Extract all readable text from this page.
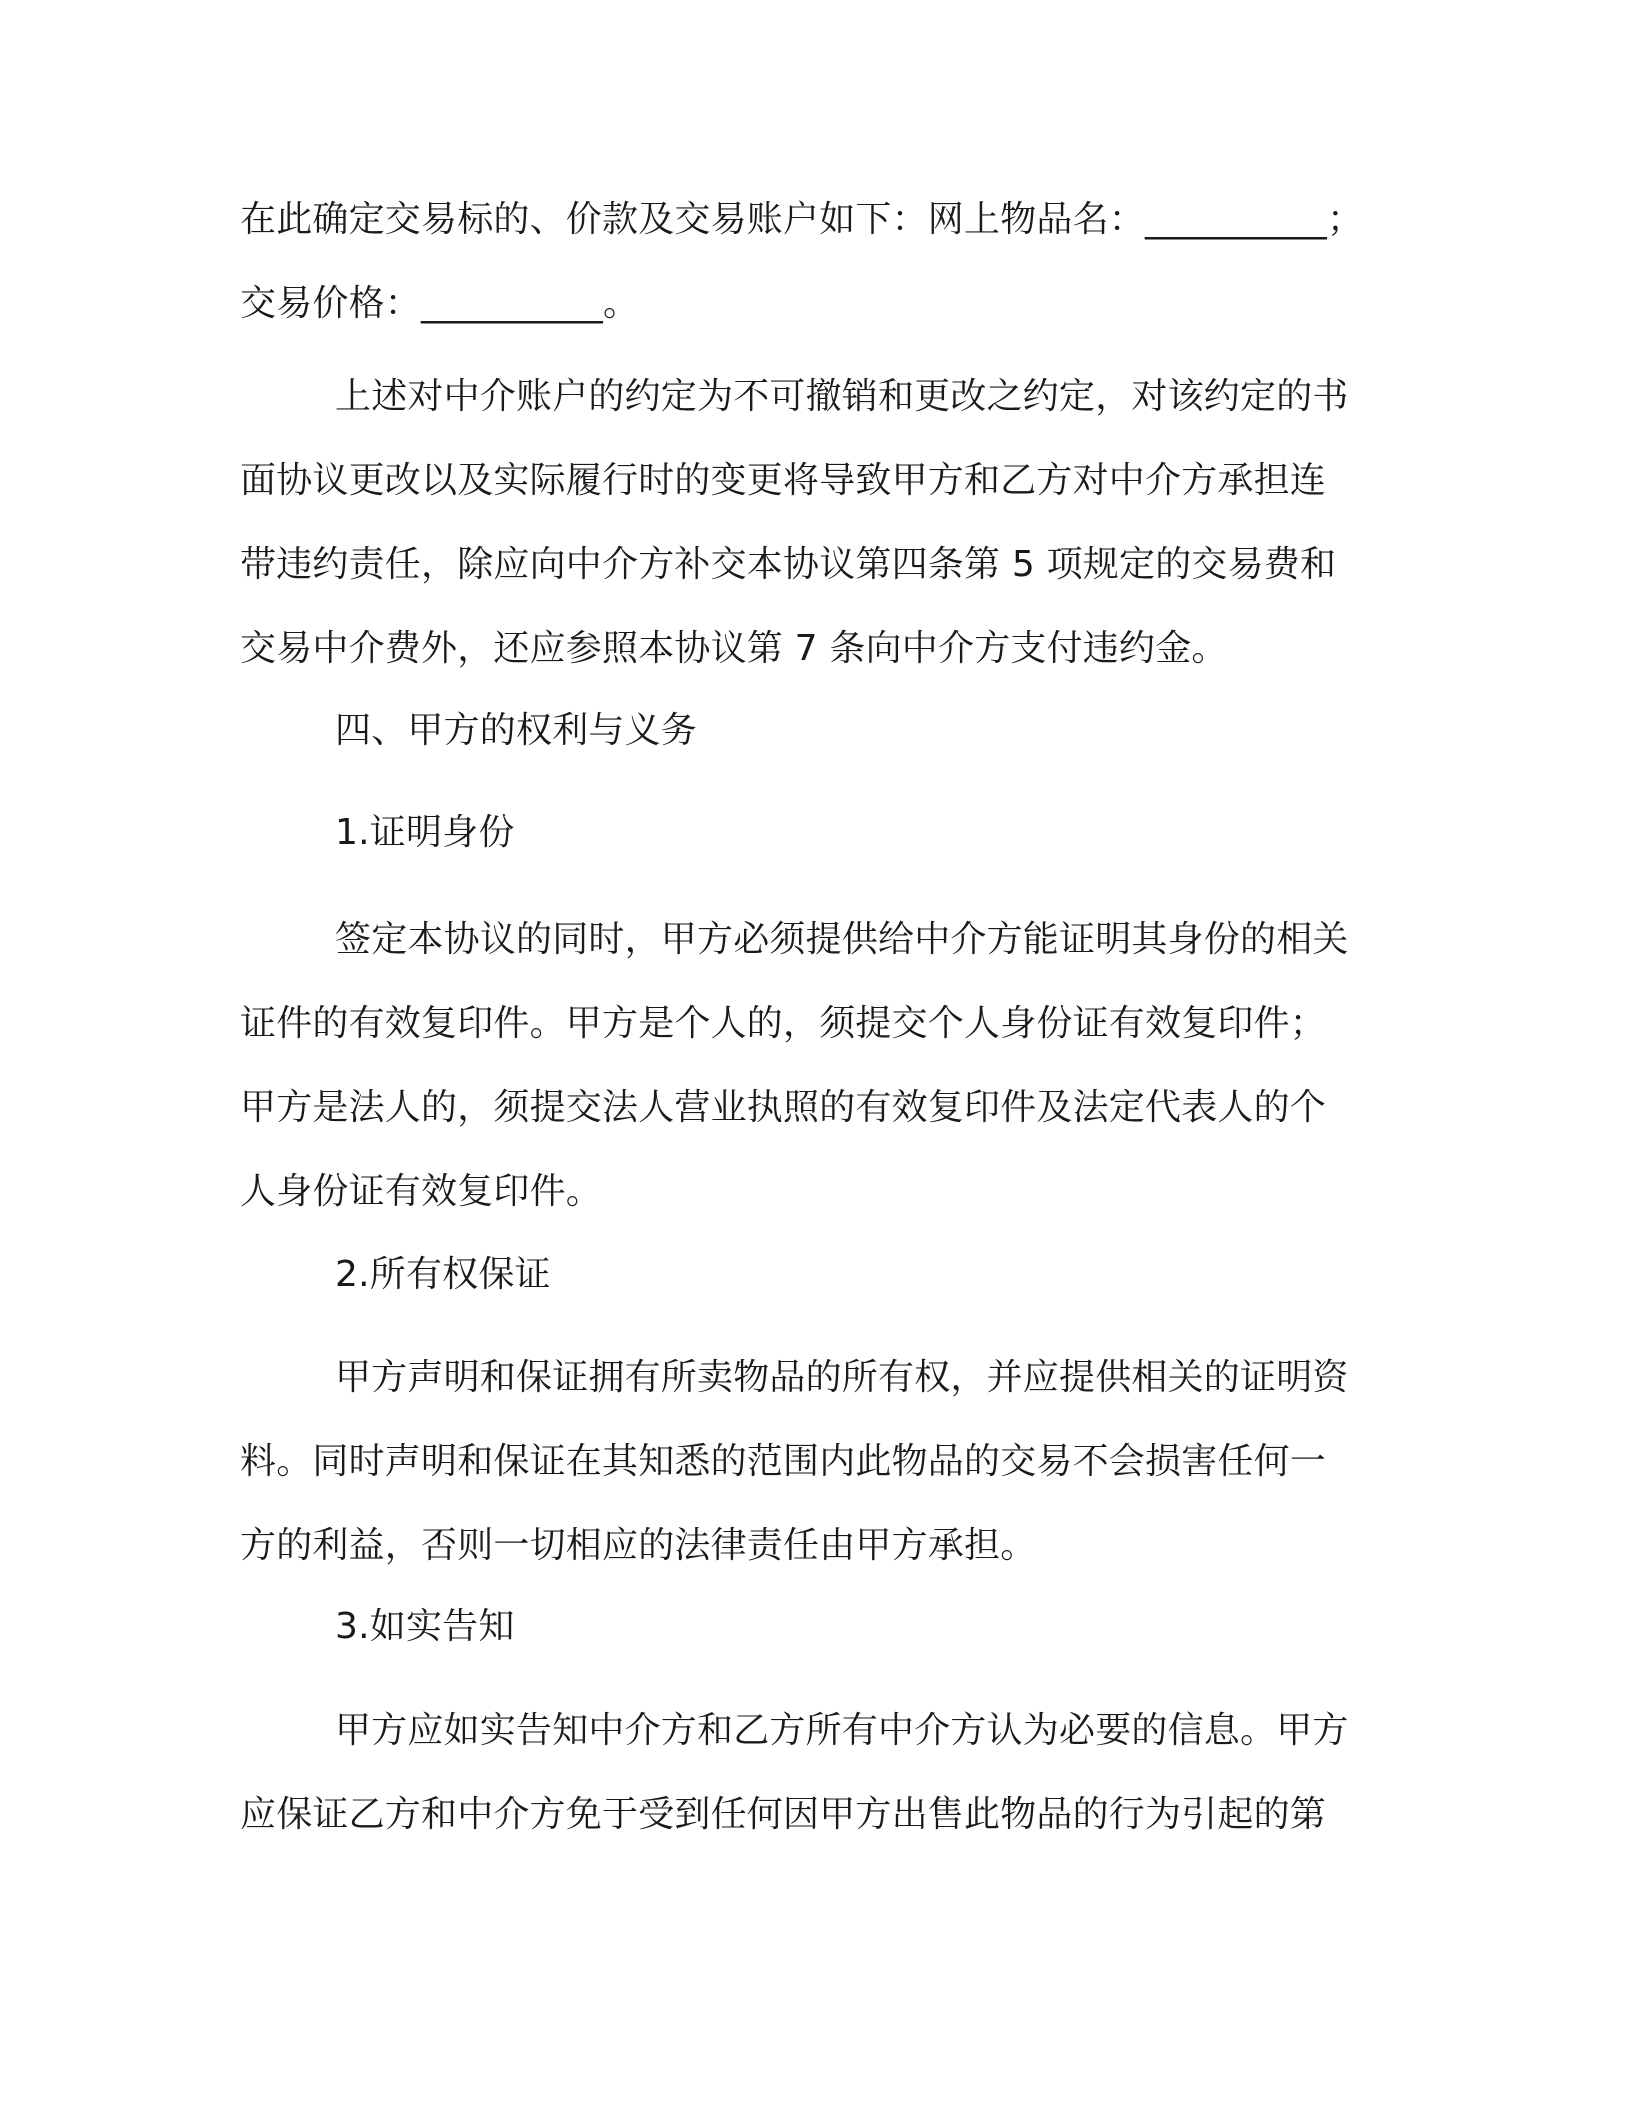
在此确定交易标的、价款及交易账户如下：网上物品名：__________；
交易价格：__________。
上述对中介账户的约定为不可撤销和更改之约定，对该约定的书
面协议更改以及实际履行时的变更将导致甲方和乙方对中介方承担连
带违约责任，除应向中介方补交本协议第四条第 5 项规定的交易费和
交易中介费外，还应参照本协议第 7 条向中介方支付违约金。
四、甲方的权利与义务
1.证明身份
签定本协议的同时，甲方必须提供给中介方能证明其身份的相关
证件的有效复印件。甲方是个人的，须提交个人身份证有效复印件；
甲方是法人的，须提交法人营业执照的有效复印件及法定代表人的个
人身份证有效复印件。
2.所有权保证
甲方声明和保证拥有所卖物品的所有权，并应提供相关的证明资
料。同时声明和保证在其知悉的范围内此物品的交易不会损害任何一
方的利益，否则一切相应的法律责任由甲方承担。
3.如实告知
甲方应如实告知中介方和乙方所有中介方认为必要的信息。甲方
应保证乙方和中介方免于受到任何因甲方出售此物品的行为引起的第
